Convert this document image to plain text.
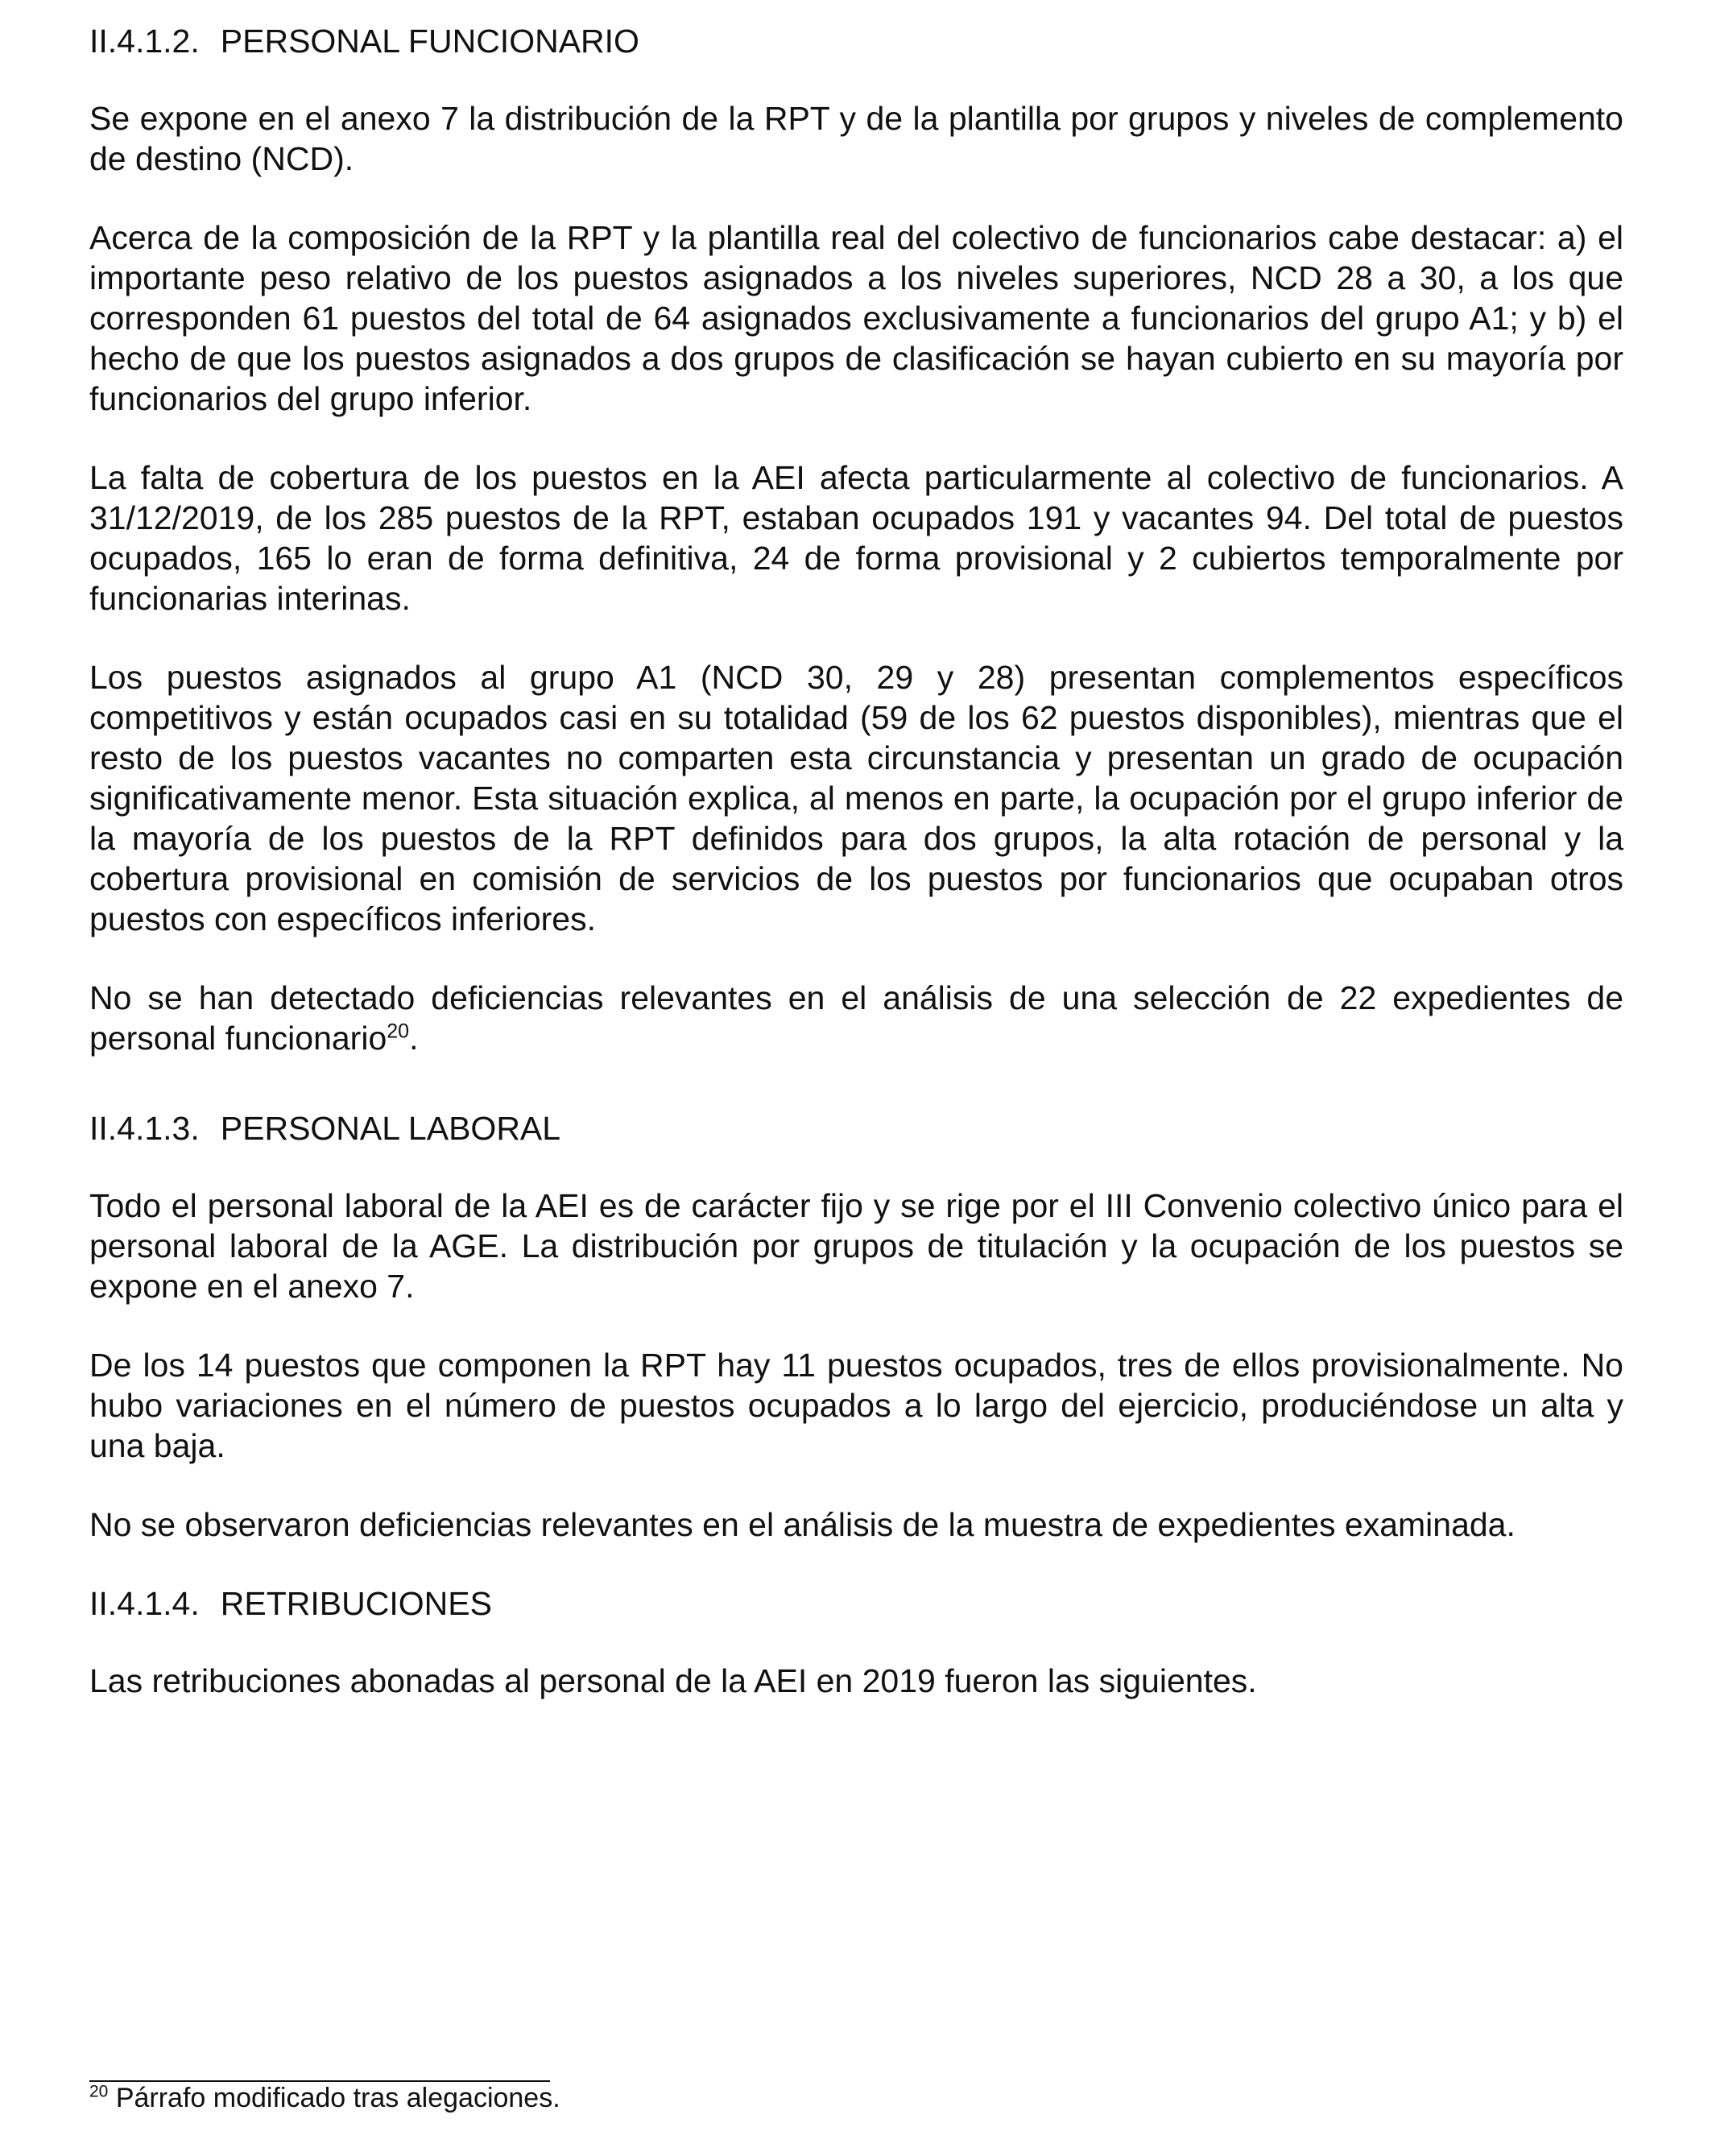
II.4.1.2. PERSONAL FUNCIONARIO

Se expone en el anexo 7 la distribución de la RPT y de la plantilla por grupos y niveles de complemento de destino (NCD).

Acerca de la composición de la RPT y la plantilla real del colectivo de funcionarios cabe destacar: a) el importante peso relativo de los puestos asignados a los niveles superiores, NCD 28 a 30, a los que corresponden 61 puestos del total de 64 asignados exclusivamente a funcionarios del grupo A1; y b) el hecho de que los puestos asignados a dos grupos de clasificación se hayan cubierto en su mayoría por funcionarios del grupo inferior.

La falta de cobertura de los puestos en la AEI afecta particularmente al colectivo de funcionarios. A 31/12/2019, de los 285 puestos de la RPT, estaban ocupados 191 y vacantes 94. Del total de puestos ocupados, 165 lo eran de forma definitiva, 24 de forma provisional y 2 cubiertos temporalmente por funcionarias interinas.

Los puestos asignados al grupo A1 (NCD 30, 29 y 28) presentan complementos específicos competitivos y están ocupados casi en su totalidad (59 de los 62 puestos disponibles), mientras que el resto de los puestos vacantes no comparten esta circunstancia y presentan un grado de ocupación significativamente menor. Esta situación explica, al menos en parte, la ocupación por el grupo inferior de la mayoría de los puestos de la RPT definidos para dos grupos, la alta rotación de personal y la cobertura provisional en comisión de servicios de los puestos por funcionarios que ocupaban otros puestos con específicos inferiores.

No se han detectado deficiencias relevantes en el análisis de una selección de 22 expedientes de personal funcionario$^{20}$.

II.4.1.3. PERSONAL LABORAL

Todo el personal laboral de la AEI es de carácter fijo y se rige por el III Convenio colectivo único para el personal laboral de la AGE. La distribución por grupos de titulación y la ocupación de los puestos se expone en el anexo 7.

De los 14 puestos que componen la RPT hay 11 puestos ocupados, tres de ellos provisionalmente. No hubo variaciones en el número de puestos ocupados a lo largo del ejercicio, produciéndose un alta y una baja.

No se observaron deficiencias relevantes en el análisis de la muestra de expedientes examinada.

II.4.1.4. RETRIBUCIONES

Las retribuciones abonadas al personal de la AEI en 2019 fueron las siguientes.

$^{20}$ Párrafo modificado tras alegaciones.
